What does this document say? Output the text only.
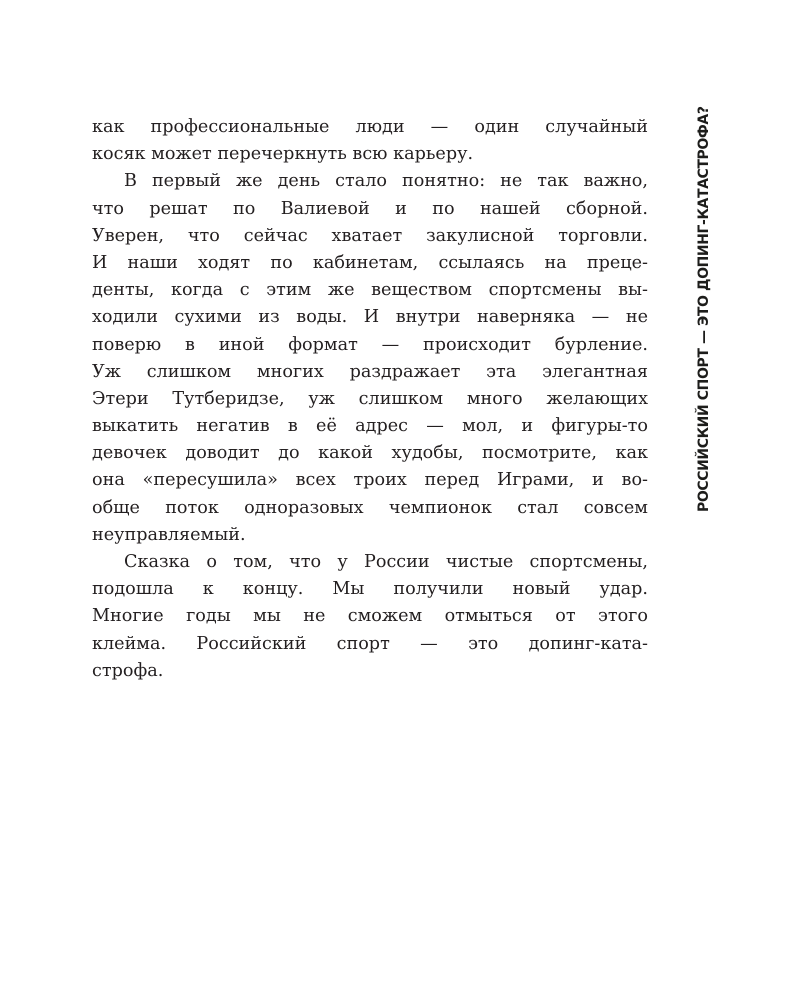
как профессиональные люди — один случайный
косяк может перечеркнуть всю карьеру.
В первый же день стало понятно: не так важно,
что решат по Валиевой и по нашей сборной.
Уверен, что сейчас хватает закулисной торговли.
И наши ходят по кабинетам, ссылаясь на преце-
денты, когда с этим же веществом спортсмены вы-
ходили сухими из воды. И внутри наверняка — не
поверю в иной формат — происходит бурление.
Уж слишком многих раздражает эта элегантная
Этери Тутберидзе, уж слишком много желающих
выкатить негатив в её адрес — мол, и фигуры-то
девочек доводит до какой худобы, посмотрите, как
она «пересушила» всех троих перед Играми, и во-
обще поток одноразовых чемпионок стал совсем
неуправляемый.
Сказка о том, что у России чистые спортсмены,
подошла к концу. Мы получили новый удар.
Многие годы мы не сможем отмыться от этого
клейма. Российский спорт — это допинг-ката-
строфа.
РОССИЙСКИЙ СПОРТ — ЭТО ДОПИНГ-КАТАСТРОФА?
